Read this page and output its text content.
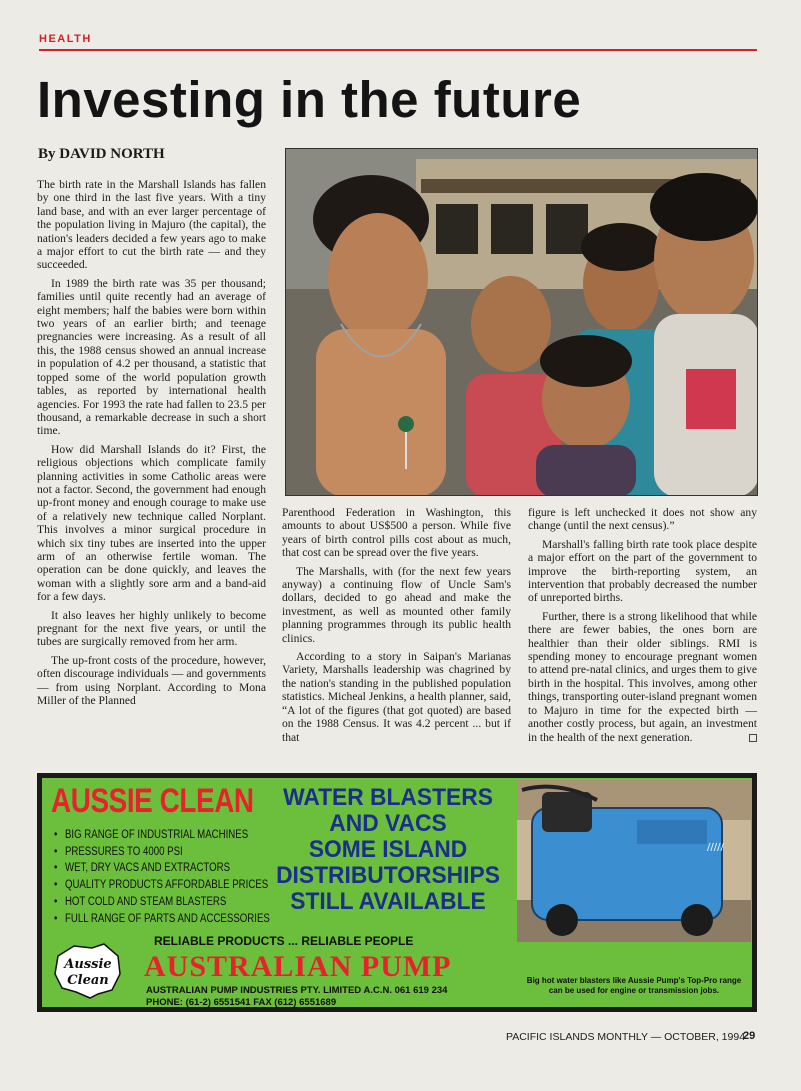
HEALTH
Investing in the future
By DAVID NORTH

The birth rate in the Marshall Islands has fallen by one third in the last five years. With a tiny land base, and with an ever larger percentage of the population living in Majuro (the capital), the nation's leaders decided a few years ago to make a major effort to cut the birth rate — and they succeeded.

In 1989 the birth rate was 35 per thousand; families until quite recently had an average of eight members; half the babies were born within two years of an earlier birth; and teenage pregnancies were increasing. As a result of all this, the 1988 census showed an annual increase in population of 4.2 per thousand, a statistic that topped some of the world population growth tables, as reported by international health agencies. For 1993 the rate had fallen to 23.5 per thousand, a remarkable decrease in such a short time.

How did Marshall Islands do it? First, the religious objections which complicate family planning activities in some Catholic areas were not a factor. Second, the government had enough up-front money and enough courage to make use of a relatively new technique called Norplant. This involves a minor surgical procedure in which six tiny tubes are inserted into the upper arm of an otherwise fertile woman. The operation can be done quickly, and leaves the woman with a slightly sore arm and a band-aid for a few days.

It also leaves her highly unlikely to become pregnant for the next five years, or until the tubes are surgically removed from her arm.

The up-front costs of the procedure, however, often discourage individuals — and governments — from using Norplant. According to Mona Miller of the Planned

Parenthood Federation in Washington, this amounts to about US$500 a person. While five years of birth control pills cost about as much, that cost can be spread over the five years.

The Marshalls, with (for the next few years anyway) a continuing flow of Uncle Sam's dollars, decided to go ahead and make the investment, as well as mounted other family planning programmes through its public health clinics.

According to a story in Saipan's Marianas Variety, Marshalls leadership was chagrined by the nation's standing in the published population statistics. Micheal Jenkins, a health planner, said, “A lot of the figures (that got quoted) are based on the 1988 Census. It was 4.2 percent ... but if that

figure is left unchecked it does not show any change (until the next census).”

Marshall's falling birth rate took place despite a major effort on the part of the government to improve the birth-reporting system, an intervention that probably decreased the number of unreported births.

Further, there is a strong likelihood that while there are fewer babies, the ones born are healthier than their older siblings. RMI is spending money to encourage pregnant women to attend pre-natal clinics, and urges them to give birth in the hospital. This involves, among other things, transporting outer-island pregnant women to Majuro in time for the expected birth — another costly process, but again, an investment in the health of the next generation.

AUSSIE CLEAN
• BIG RANGE OF INDUSTRIAL MACHINES
• PRESSURES TO 4000 PSI
• WET, DRY VACS AND EXTRACTORS
• QUALITY PRODUCTS AFFORDABLE PRICES
• HOT COLD AND STEAM BLASTERS
• FULL RANGE OF PARTS AND ACCESSORIES
WATER BLASTERS
AND VACS
SOME ISLAND
DISTRIBUTORSHIPS
STILL AVAILABLE
RELIABLE PRODUCTS ... RELIABLE PEOPLE
Aussie
Clean AUSTRALIAN PUMP
AUSTRALIAN PUMP INDUSTRIES PTY. LIMITED A.C.N. 061 619 234
PHONE: (61-2) 6551541 FAX (612) 6551689
/////
Big hot water blasters like Aussie Pump's Top-Pro range can be used for engine or transmission jobs.
PACIFIC ISLANDS MONTHLY — OCTOBER, 1994
29
